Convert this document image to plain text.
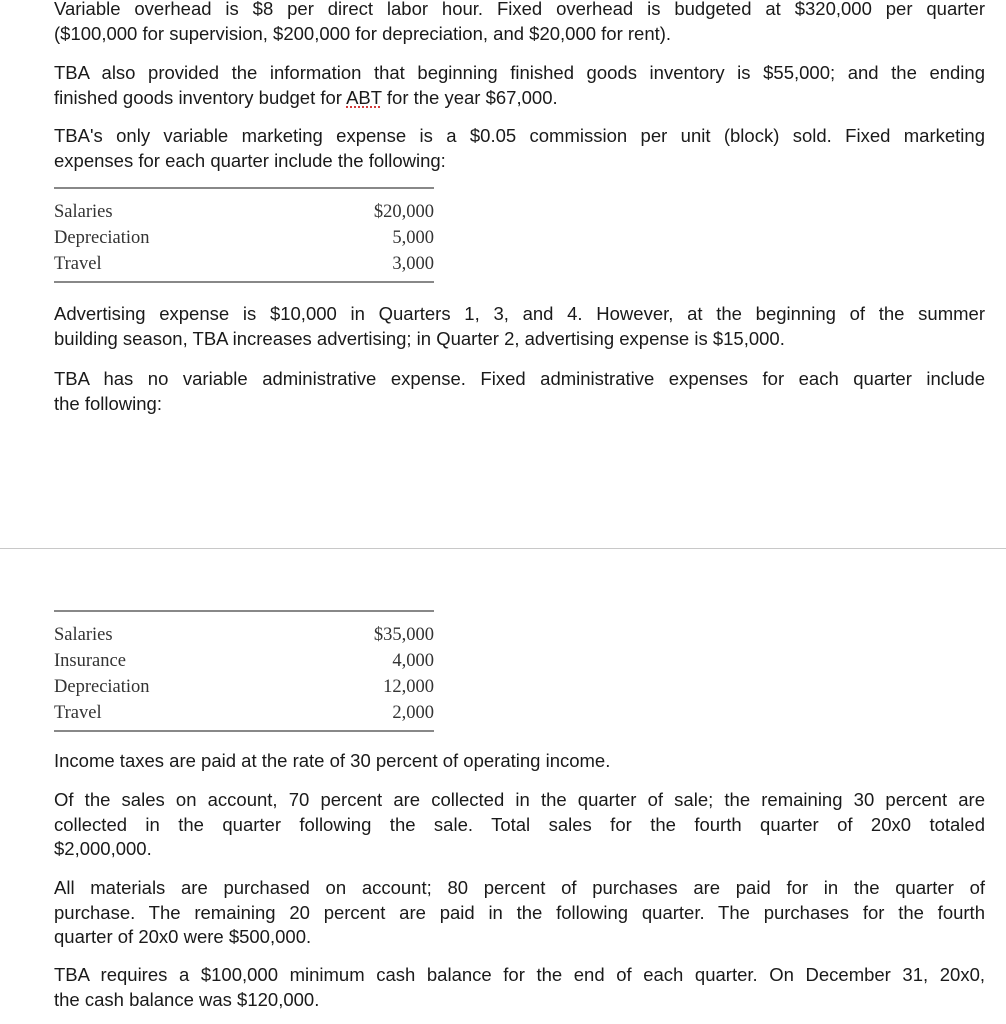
Variable overhead is $8 per direct labor hour. Fixed overhead is budgeted at $320,000 per quarter
($100,000 for supervision, $200,000 for depreciation, and $20,000 for rent).

TBA also provided the information that beginning finished goods inventory is $55,000; and the ending
finished goods inventory budget for ABT for the year $67,000.

TBA's only variable marketing expense is a $0.05 commission per unit (block) sold. Fixed marketing
expenses for each quarter include the following:

Salaries	$20,000
Depreciation	5,000
Travel	3,000

Advertising expense is $10,000 in Quarters 1, 3, and 4. However, at the beginning of the summer
building season, TBA increases advertising; in Quarter 2, advertising expense is $15,000.

TBA has no variable administrative expense. Fixed administrative expenses for each quarter include
the following:

Salaries	$35,000
Insurance	4,000
Depreciation	12,000
Travel	2,000

Income taxes are paid at the rate of 30 percent of operating income.

Of the sales on account, 70 percent are collected in the quarter of sale; the remaining 30 percent are
collected in the quarter following the sale. Total sales for the fourth quarter of 20x0 totaled
$2,000,000.

All materials are purchased on account; 80 percent of purchases are paid for in the quarter of
purchase. The remaining 20 percent are paid in the following quarter. The purchases for the fourth
quarter of 20x0 were $500,000.

TBA requires a $100,000 minimum cash balance for the end of each quarter. On December 31, 20x0,
the cash balance was $120,000.
